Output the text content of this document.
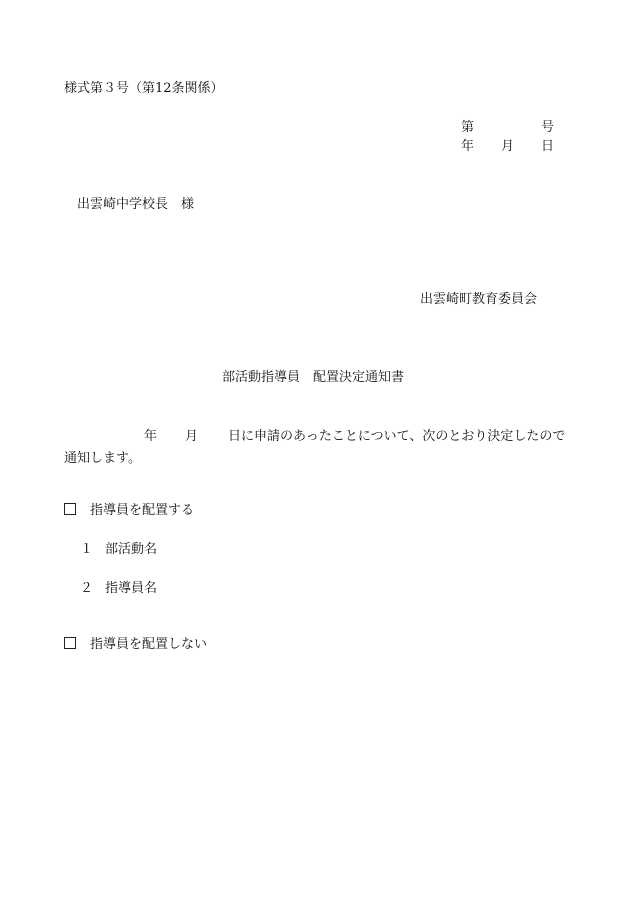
様式第３号（第12条関係）
第	号
年 月 日
出雲崎中学校長　様
出雲崎町教育委員会
部活動指導員　配置決定通知書
年 月 日に申請のあったことについて、次のとおり決定したので通知します。
指導員を配置する
１ 部活動名
２ 指導員名
指導員を配置しない
